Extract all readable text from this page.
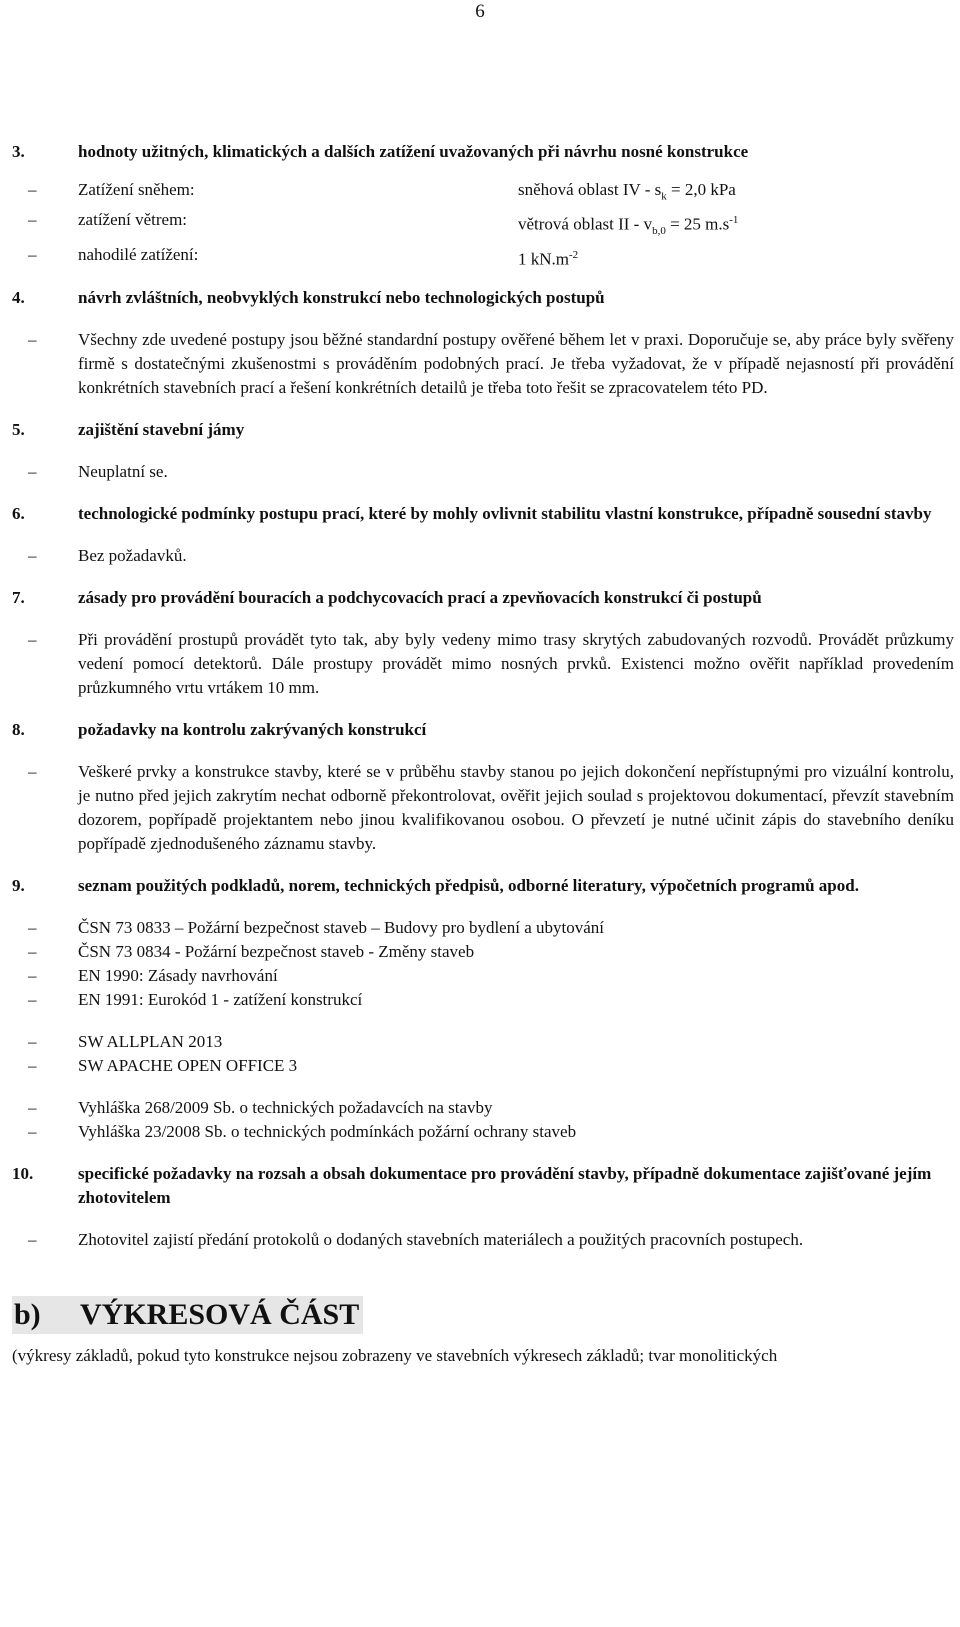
6
3.	hodnoty užitných, klimatických a dalších zatížení uvažovaných při návrhu nosné konstrukce
–	Zatížení sněhem:	sněhová oblast IV - $s_k = 2,0$ kPa
–	zatížení větrem:	větrová oblast II - $v_{b,0} = 25$ $m.s^{-1}$
–	nahodilé zatížení:	1 $kN.m^{-2}$
4.	návrh zvláštních, neobvyklých konstrukcí nebo technologických postupů
–	Všechny zde uvedené postupy jsou běžné standardní postupy ověřené během let v praxi. Doporučuje se, aby práce byly svěřeny firmě s dostatečnými zkušenostmi s prováděním podobných prací. Je třeba vyžadovat, že v případě nejasností při provádění konkrétních stavebních prací a řešení konkrétních detailů je třeba toto řešit se zpracovatelem této PD.
5.	zajištění stavební jámy
–	Neuplatní se.
6.	technologické podmínky postupu prací, které by mohly ovlivnit stabilitu vlastní konstrukce, případně sousední stavby
–	Bez požadavků.
7.	zásady pro provádění bouracích a podchycovacích prací a zpevňovacích konstrukcí či postupů
–	Při provádění prostupů provádět tyto tak, aby byly vedeny mimo trasy skrytých zabudovaných rozvodů. Provádět průzkumy vedení pomocí detektorů. Dále prostupy provádět mimo nosných prvků. Existenci možno ověřit například provedením průzkumného vrtu vrtákem 10 mm.
8.	požadavky na kontrolu zakrývaných konstrukcí
–	Veškeré prvky a konstrukce stavby, které se v průběhu stavby stanou po jejich dokončení nepřístupnými pro vizuální kontrolu, je nutno před jejich zakrytím nechat odborně překontrolovat, ověřit jejich soulad s projektovou dokumentací, převzít stavebním dozorem, popřípadě projektantem nebo jinou kvalifikovanou osobou. O převzetí je nutné učinit zápis do stavebního deníku popřípadě zjednodušeného záznamu stavby.
9.	seznam použitých podkladů, norem, technických předpisů, odborné literatury, výpočetních programů apod.
–	ČSN 73 0833 – Požární bezpečnost staveb – Budovy pro bydlení a ubytování
–	ČSN 73 0834 - Požární bezpečnost staveb - Změny staveb
–	EN 1990: Zásady navrhování
–	EN 1991: Eurokód 1 - zatížení konstrukcí
–	SW ALLPLAN 2013
–	SW APACHE OPEN OFFICE 3
–	Vyhláška 268/2009 Sb. o technických požadavcích na stavby
–	Vyhláška 23/2008 Sb. o technických podmínkách požární ochrany staveb
10.	specifické požadavky na rozsah a obsah dokumentace pro provádění stavby, případně dokumentace zajišťované jejím zhotovitelem
–	Zhotovitel zajistí předání protokolů o dodaných stavebních materiálech a použitých pracovních postupech.
b)	VÝKRESOVÁ ČÁST
(výkresy základů, pokud tyto konstrukce nejsou zobrazeny ve stavebních výkresech základů; tvar monolitických
